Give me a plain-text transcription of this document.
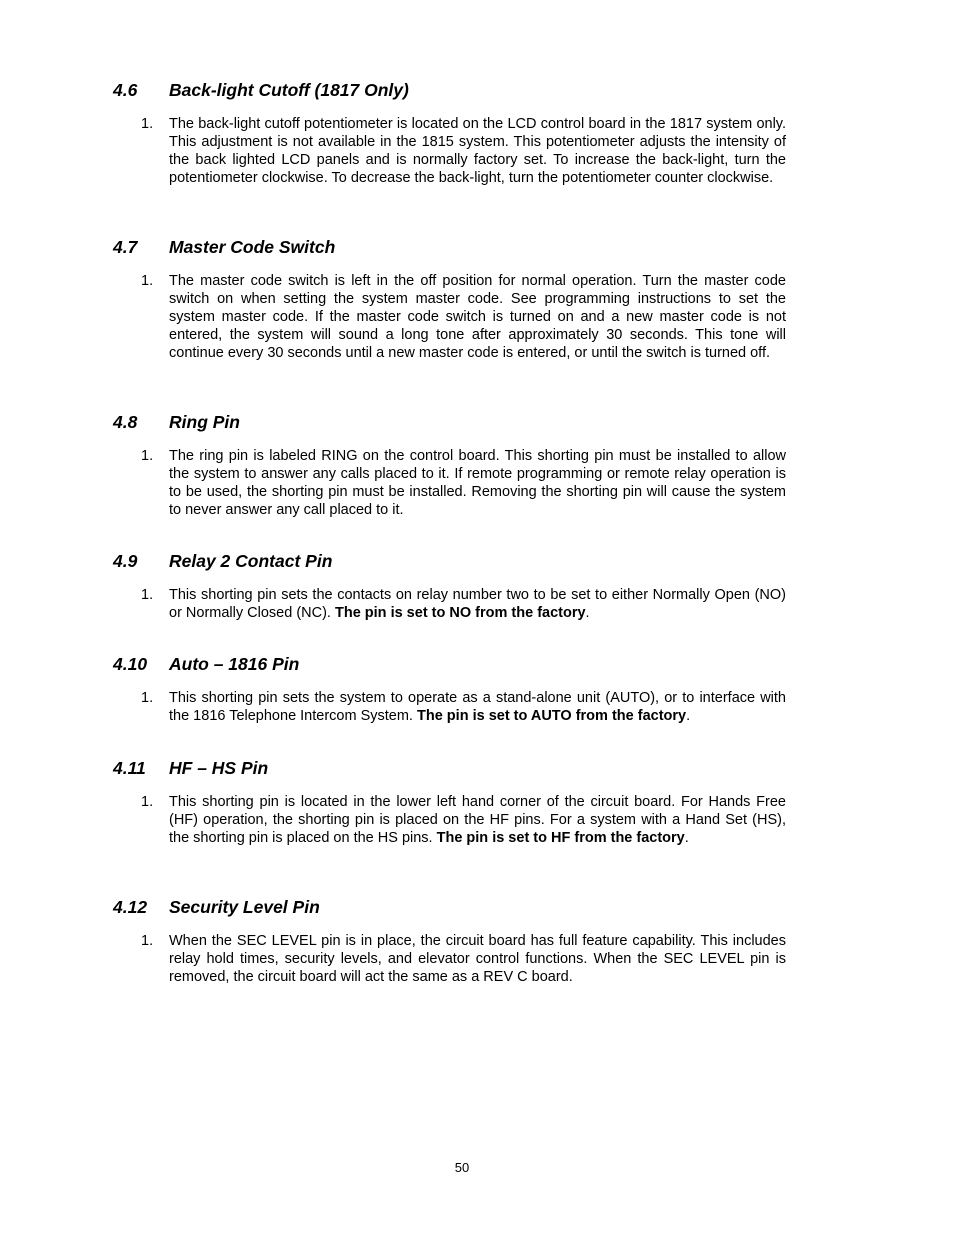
4.6 Back-light Cutoff (1817 Only)
1. The back-light cutoff potentiometer is located on the LCD control board in the 1817 system only. This adjustment is not available in the 1815 system. This potentiometer adjusts the intensity of the back lighted LCD panels and is normally factory set. To increase the back-light, turn the potentiometer clockwise. To decrease the back-light, turn the potentiometer counter clockwise.
4.7 Master Code Switch
1. The master code switch is left in the off position for normal operation. Turn the master code switch on when setting the system master code. See programming instructions to set the system master code. If the master code switch is turned on and a new master code is not entered, the system will sound a long tone after approximately 30 seconds. This tone will continue every 30 seconds until a new master code is entered, or until the switch is turned off.
4.8 Ring Pin
1. The ring pin is labeled RING on the control board. This shorting pin must be installed to allow the system to answer any calls placed to it. If remote programming or remote relay operation is to be used, the shorting pin must be installed. Removing the shorting pin will cause the system to never answer any call placed to it.
4.9 Relay 2 Contact Pin
1. This shorting pin sets the contacts on relay number two to be set to either Normally Open (NO) or Normally Closed (NC). The pin is set to NO from the factory.
4.10 Auto – 1816 Pin
1. This shorting pin sets the system to operate as a stand-alone unit (AUTO), or to interface with the 1816 Telephone Intercom System. The pin is set to AUTO from the factory.
4.11 HF – HS Pin
1. This shorting pin is located in the lower left hand corner of the circuit board. For Hands Free (HF) operation, the shorting pin is placed on the HF pins. For a system with a Hand Set (HS), the shorting pin is placed on the HS pins. The pin is set to HF from the factory.
4.12 Security Level Pin
1. When the SEC LEVEL pin is in place, the circuit board has full feature capability. This includes relay hold times, security levels, and elevator control functions. When the SEC LEVEL pin is removed, the circuit board will act the same as a REV C board.
50
